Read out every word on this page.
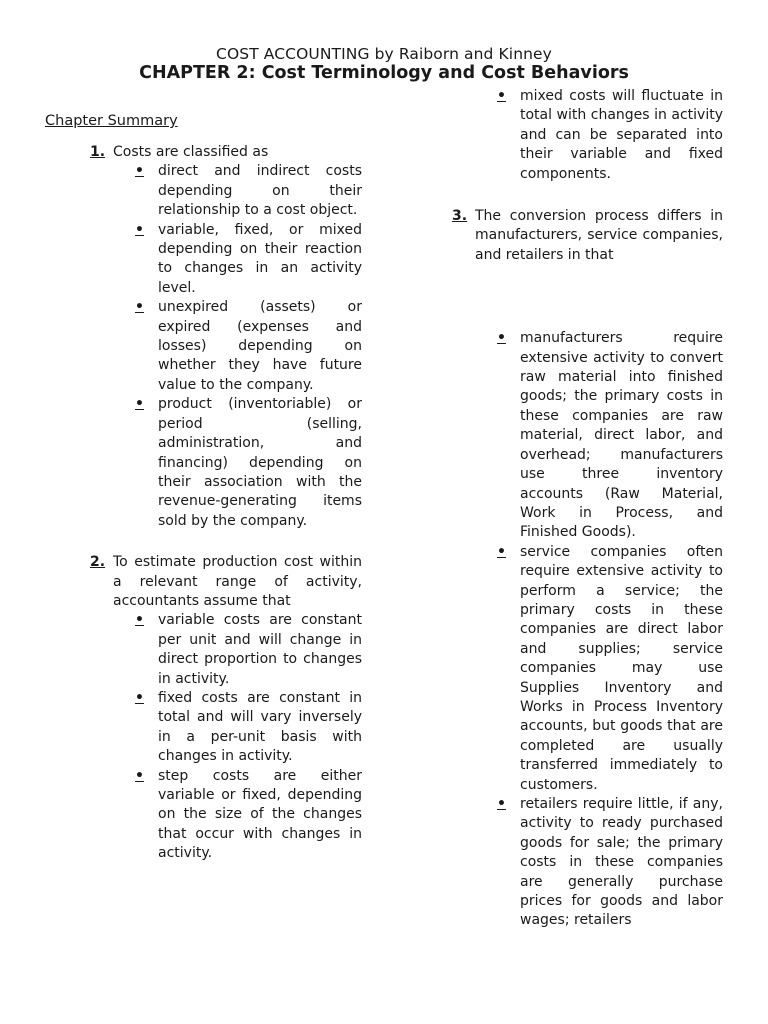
COST ACCOUNTING by Raiborn and Kinney
CHAPTER 2: Cost Terminology and Cost Behaviors
Chapter Summary
1. Costs are classified as
•	direct and indirect costs depending on their relationship to a cost object.
•	variable, fixed, or mixed depending on their reaction to changes in an activity level.
•	unexpired (assets) or expired (expenses and losses) depending on whether they have future value to the company.
•	product (inventoriable) or period (selling, administration, and financing) depending on their association with the revenue-generating items sold by the company.
2. To estimate production cost within a relevant range of activity, accountants assume that
•	variable costs are constant per unit and will change in direct proportion to changes in activity.
•	fixed costs are constant in total and will vary inversely in a per-unit basis with changes in activity.
•	step costs are either variable or fixed, depending on the size of the changes that occur with changes in activity.
•	mixed costs will fluctuate in total with changes in activity and can be separated into their variable and fixed components.
3. The conversion process differs in manufacturers, service companies, and retailers in that
•	manufacturers require extensive activity to convert raw material into finished goods; the primary costs in these companies are raw material, direct labor, and overhead; manufacturers use three inventory accounts (Raw Material, Work in Process, and Finished Goods).
•	service companies often require extensive activity to perform a service; the primary costs in these companies are direct labor and supplies; service companies may use Supplies Inventory and Works in Process Inventory accounts, but goods that are completed are usually transferred immediately to customers.
•	retailers require little, if any, activity to ready purchased goods for sale; the primary costs in these companies are generally purchase prices for goods and labor wages; retailers
